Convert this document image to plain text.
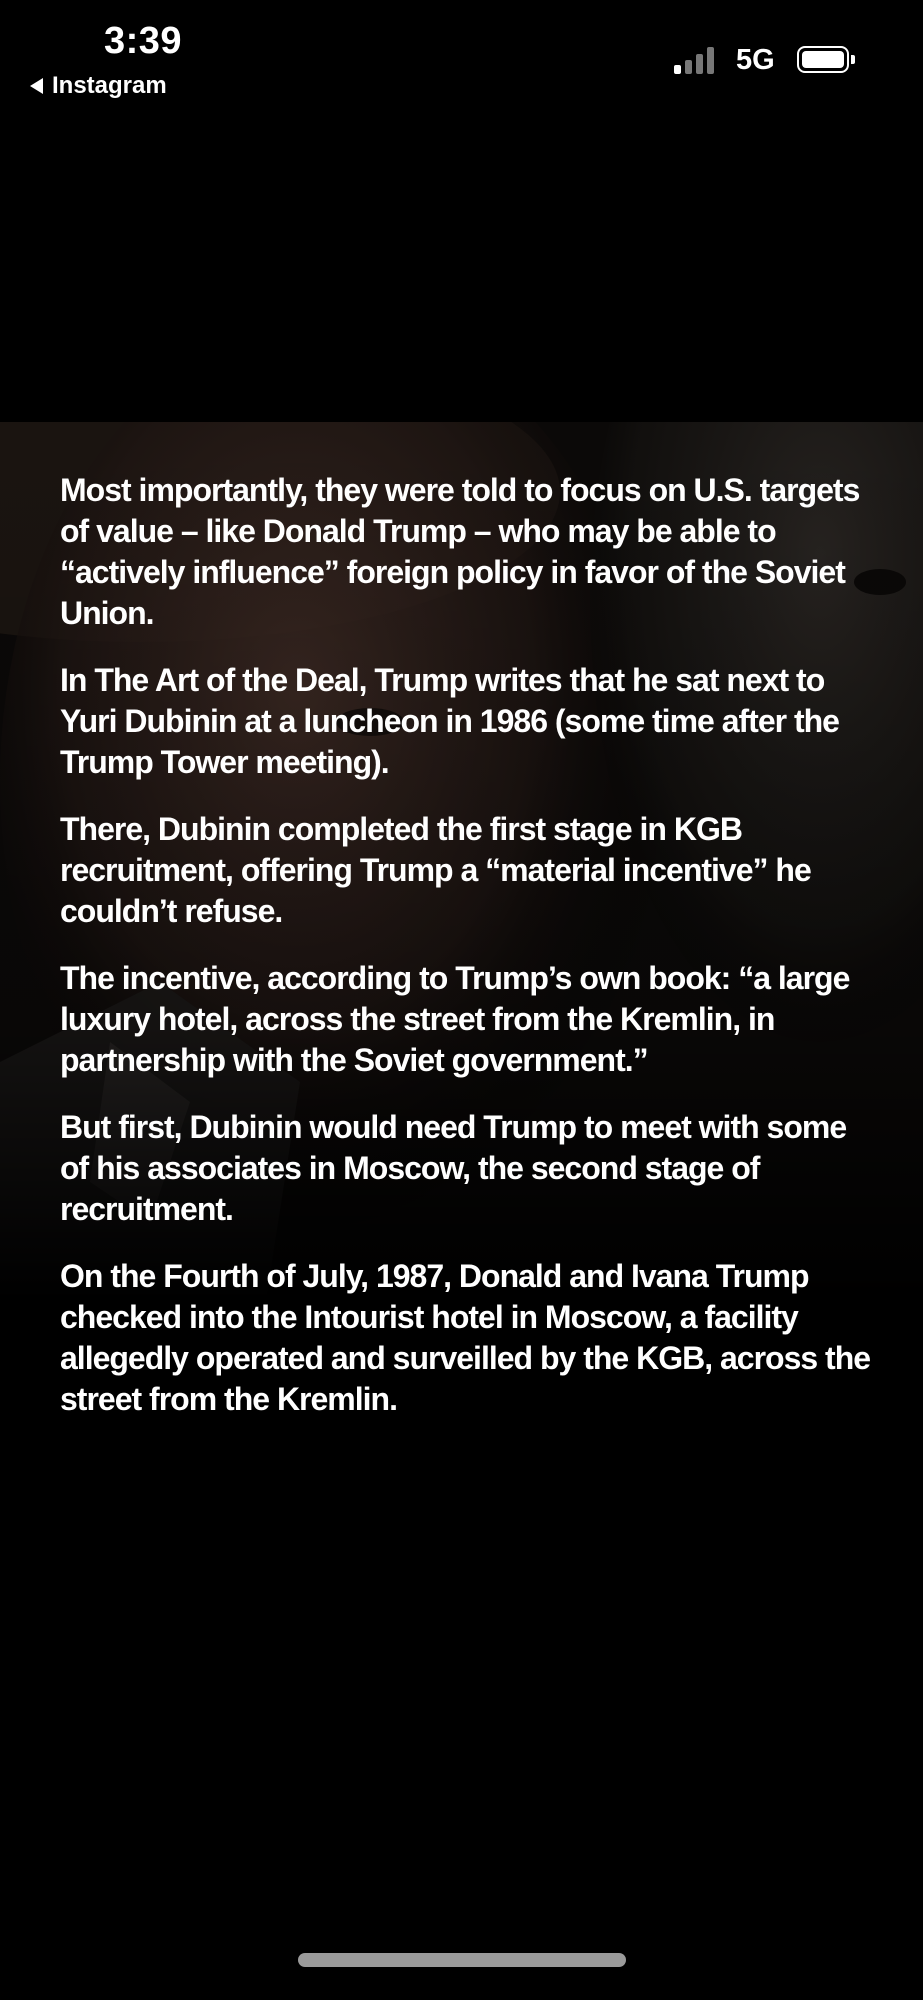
3:39
Instagram
5G

Most importantly, they were told to focus on U.S. targets of value – like Donald Trump – who may be able to “actively influence” foreign policy in favor of the Soviet Union.

In The Art of the Deal, Trump writes that he sat next to Yuri Dubinin at a luncheon in 1986 (some time after the Trump Tower meeting).

There, Dubinin completed the first stage in KGB recruitment, offering Trump a “material incentive” he couldn’t refuse.

The incentive, according to Trump’s own book: “a large luxury hotel, across the street from the Kremlin, in partnership with the Soviet government.”

But first, Dubinin would need Trump to meet with some of his associates in Moscow, the second stage of recruitment.

On the Fourth of July, 1987, Donald and Ivana Trump checked into the Intourist hotel in Moscow, a facility allegedly operated and surveilled by the KGB, across the street from the Kremlin.
